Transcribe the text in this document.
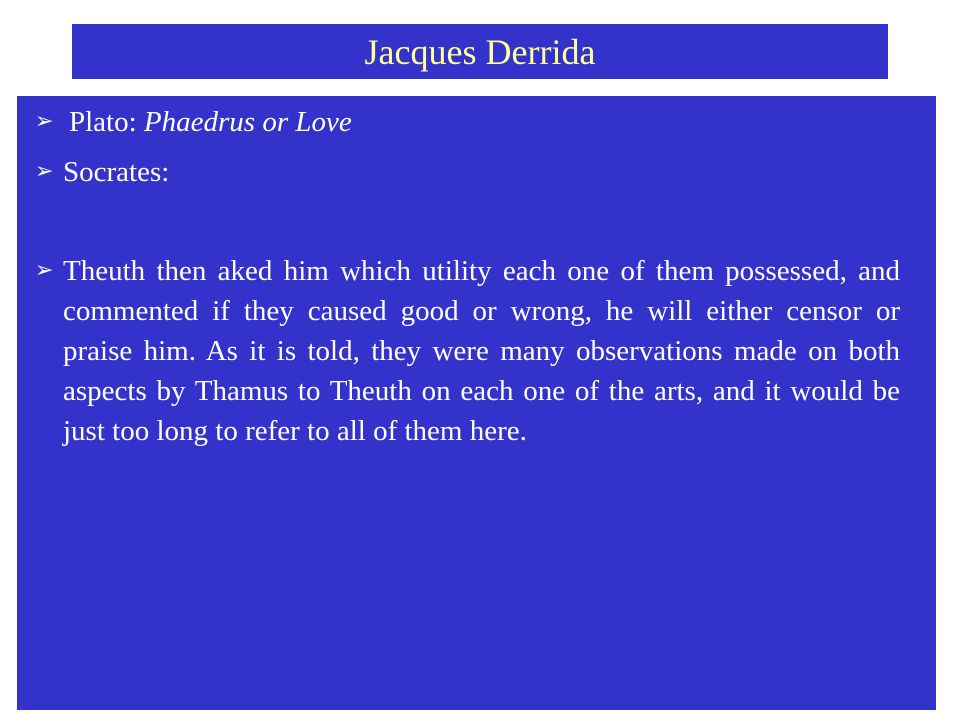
Jacques Derrida
➢ Plato: Phaedrus or Love
➢ Socrates:
➢ Theuth then aked him which utility each one of them possessed, and commented if they caused good or wrong, he will either censor or praise him. As it is told, they were many observations made on both aspects by Thamus to Theuth on each one of the arts, and it would be just too long to refer to all of them here.
